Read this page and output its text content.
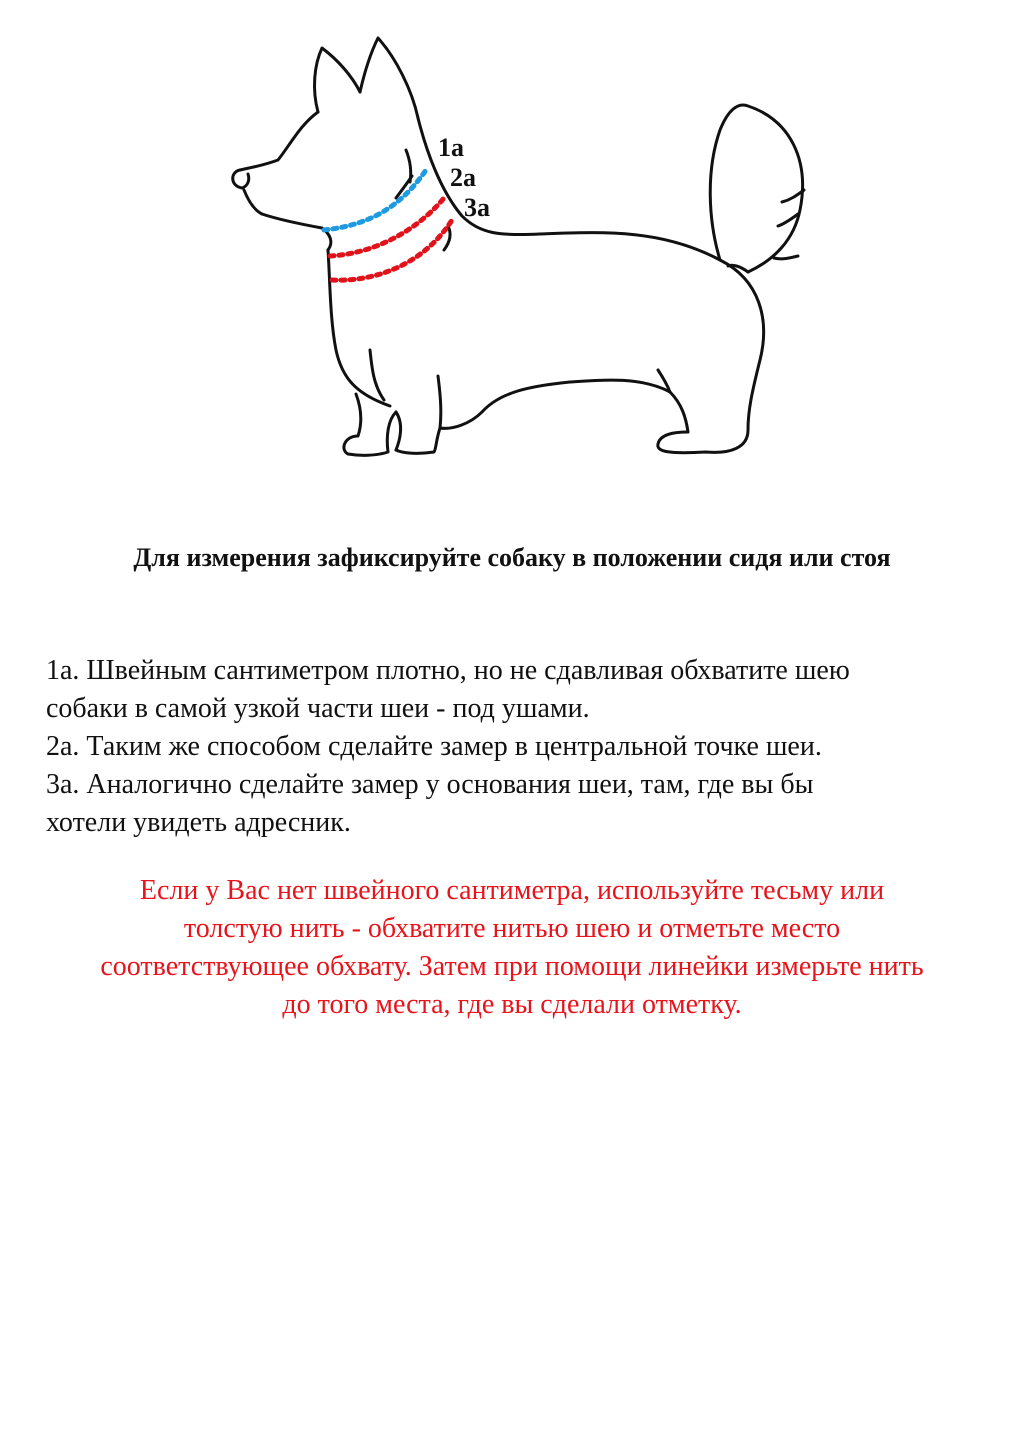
1a
2a
3a
Для измерения зафиксируйте собаку в положении сидя или стоя

1а. Швейным сантиметром плотно, но не сдавливая обхватите шею

собаки в самой узкой части шеи - под ушами.

2а. Таким же способом сделайте замер в центральной точке шеи.

3а. Аналогично сделайте замер у основания шеи, там, где вы бы

хотели увидеть адресник.

Если у Вас нет швейного сантиметра, используйте тесьму или

толстую нить - обхватите нитью шею и отметьте место

соответствующее обхвату. Затем при помощи линейки измерьте нить

до того места, где вы сделали отметку.
